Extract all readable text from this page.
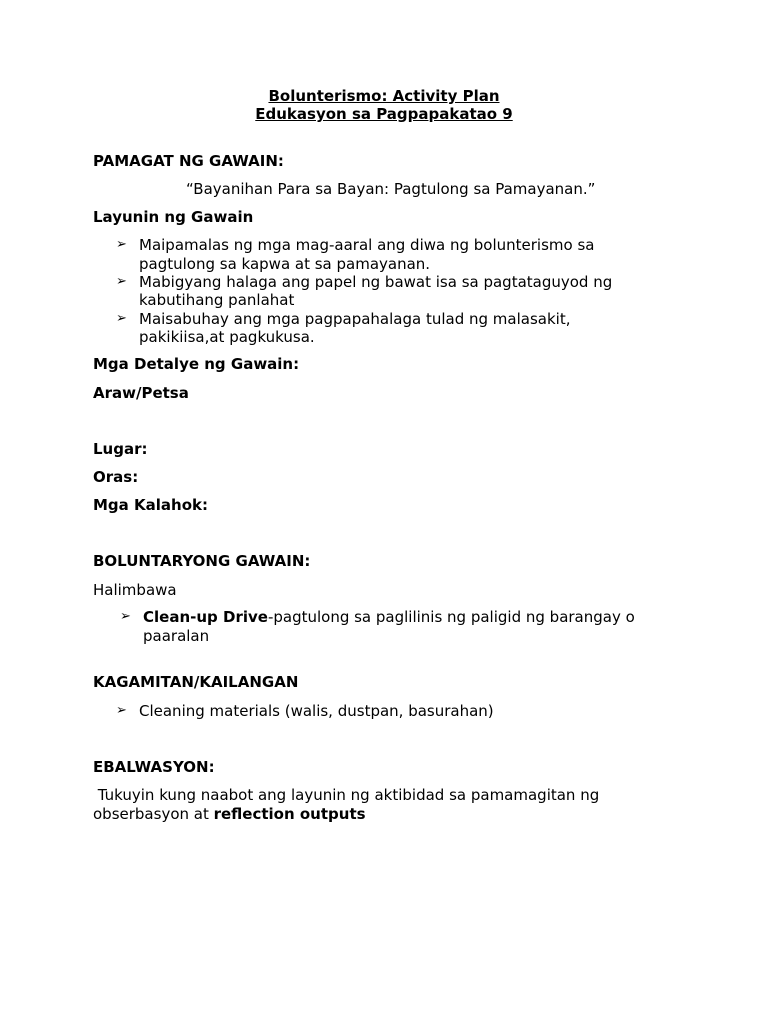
Bolunterismo: Activity Plan
Edukasyon sa Pagpapakatao 9
PAMAGAT NG GAWAIN:
“Bayanihan Para sa Bayan: Pagtulong sa Pamayanan.”
Layunin ng Gawain
➢ Maipamalas ng mga mag-aaral ang diwa ng bolunterismo sa
pagtulong sa kapwa at sa pamayanan.
➢ Mabigyang halaga ang papel ng bawat isa sa pagtataguyod ng
kabutihang panlahat
➢ Maisabuhay ang mga pagpapahalaga tulad ng malasakit,
pakikiisa,at pagkukusa.
Mga Detalye ng Gawain:
Araw/Petsa
Lugar:
Oras:
Mga Kalahok:
BOLUNTARYONG GAWAIN:
Halimbawa
➢ Clean-up Drive-pagtulong sa paglilinis ng paligid ng barangay o
paaralan
KAGAMITAN/KAILANGAN
➢ Cleaning materials (walis, dustpan, basurahan)
EBALWASYON:
Tukuyin kung naabot ang layunin ng aktibidad sa pamamagitan ng
obserbasyon at reflection outputs
